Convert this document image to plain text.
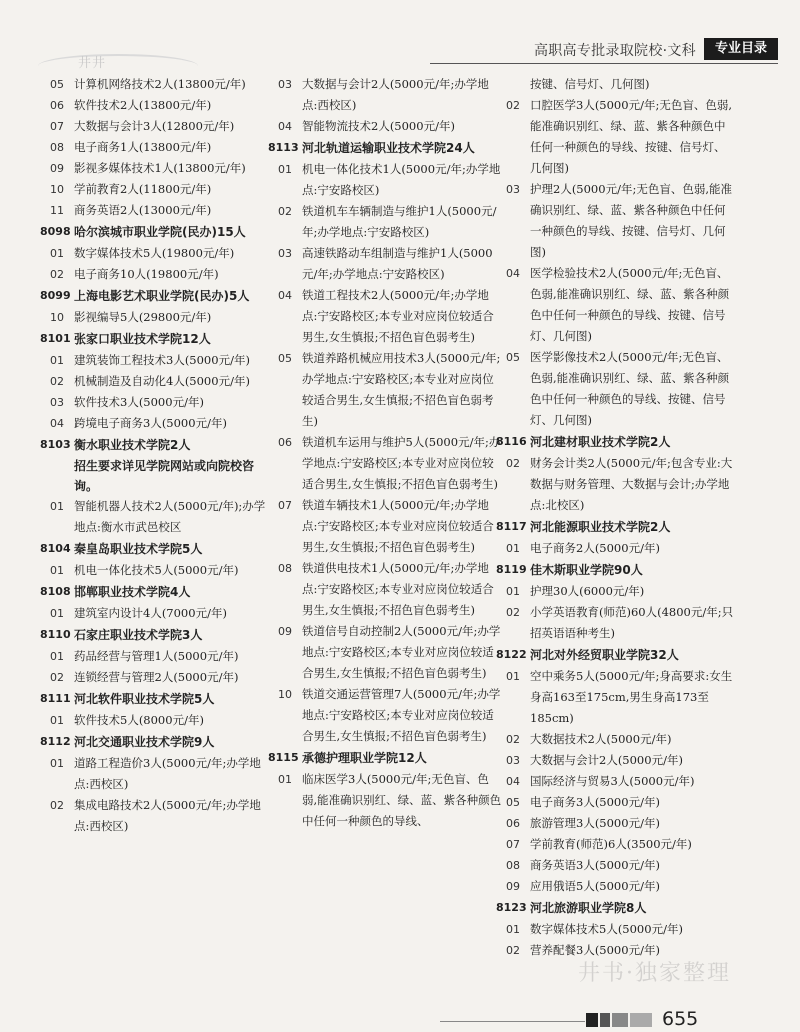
井井
高职高专批录取院校·文科	专业目录
05 计算机网络技术2人(13800元/年)
06 软件技术2人(13800元/年)
07 大数据与会计3人(12800元/年)
08 电子商务1人(13800元/年)
09 影视多媒体技术1人(13800元/年)
10 学前教育2人(11800元/年)
11 商务英语2人(13000元/年)
8098 哈尔滨城市职业学院(民办)15人
01 数字媒体技术5人(19800元/年)
02 电子商务10人(19800元/年)
8099 上海电影艺术职业学院(民办)5人
10 影视编导5人(29800元/年)
8101 张家口职业技术学院12人
01 建筑装饰工程技术3人(5000元/年)
02 机械制造及自动化4人(5000元/年)
03 软件技术3人(5000元/年)
04 跨境电子商务3人(5000元/年)
8103 衡水职业技术学院2人
招生要求详见学院网站或向院校咨询。
01 智能机器人技术2人(5000元/年);办学地点:衡水市武邑校区
8104 秦皇岛职业技术学院5人
01 机电一体化技术5人(5000元/年)
8108 邯郸职业技术学院4人
01 建筑室内设计4人(7000元/年)
8110 石家庄职业技术学院3人
01 药品经营与管理1人(5000元/年)
02 连锁经营与管理2人(5000元/年)
8111 河北软件职业技术学院5人
01 软件技术5人(8000元/年)
8112 河北交通职业技术学院9人
01 道路工程造价3人(5000元/年;办学地点:西校区)
02 集成电路技术2人(5000元/年;办学地点:西校区)
03 大数据与会计2人(5000元/年;办学地点:西校区)
04 智能物流技术2人(5000元/年)
8113 河北轨道运输职业技术学院24人
01 机电一体化技术1人(5000元/年;办学地点:宁安路校区)
02 铁道机车车辆制造与维护1人(5000元/年;办学地点:宁安路校区)
03 高速铁路动车组制造与维护1人(5000元/年;办学地点:宁安路校区)
04 铁道工程技术2人(5000元/年;办学地点:宁安路校区;本专业对应岗位较适合男生,女生慎报;不招色盲色弱考生)
05 铁道养路机械应用技术3人(5000元/年;办学地点:宁安路校区;本专业对应岗位较适合男生,女生慎报;不招色盲色弱考生)
06 铁道机车运用与维护5人(5000元/年;办学地点:宁安路校区;本专业对应岗位较适合男生,女生慎报;不招色盲色弱考生)
07 铁道车辆技术1人(5000元/年;办学地点:宁安路校区;本专业对应岗位较适合男生,女生慎报;不招色盲色弱考生)
08 铁道供电技术1人(5000元/年;办学地点:宁安路校区;本专业对应岗位较适合男生,女生慎报;不招色盲色弱考生)
09 铁道信号自动控制2人(5000元/年;办学地点:宁安路校区;本专业对应岗位较适合男生,女生慎报;不招色盲色弱考生)
10 铁道交通运营管理7人(5000元/年;办学地点:宁安路校区;本专业对应岗位较适合男生,女生慎报;不招色盲色弱考生)
8115 承德护理职业学院12人
01 临床医学3人(5000元/年;无色盲、色弱,能准确识别红、绿、蓝、紫各种颜色中任何一种颜色的导线、
按键、信号灯、几何图)
02 口腔医学3人(5000元/年;无色盲、色弱,能准确识别红、绿、蓝、紫各种颜色中任何一种颜色的导线、按键、信号灯、几何图)
03 护理2人(5000元/年;无色盲、色弱,能准确识别红、绿、蓝、紫各种颜色中任何一种颜色的导线、按键、信号灯、几何图)
04 医学检验技术2人(5000元/年;无色盲、色弱,能准确识别红、绿、蓝、紫各种颜色中任何一种颜色的导线、按键、信号灯、几何图)
05 医学影像技术2人(5000元/年;无色盲、色弱,能准确识别红、绿、蓝、紫各种颜色中任何一种颜色的导线、按键、信号灯、几何图)
8116 河北建材职业技术学院2人
02 财务会计类2人(5000元/年;包含专业:大数据与财务管理、大数据与会计;办学地点:北校区)
8117 河北能源职业技术学院2人
01 电子商务2人(5000元/年)
8119 佳木斯职业学院90人
01 护理30人(6000元/年)
02 小学英语教育(师范)60人(4800元/年;只招英语语种考生)
8122 河北对外经贸职业学院32人
01 空中乘务5人(5000元/年;身高要求:女生身高163至175cm,男生身高173至185cm)
02 大数据技术2人(5000元/年)
03 大数据与会计2人(5000元/年)
04 国际经济与贸易3人(5000元/年)
05 电子商务3人(5000元/年)
06 旅游管理3人(5000元/年)
07 学前教育(师范)6人(3500元/年)
08 商务英语3人(5000元/年)
09 应用俄语5人(5000元/年)
8123 河北旅游职业学院8人
01 数字媒体技术5人(5000元/年)
02 营养配餐3人(5000元/年)
井书·独家整理
655
